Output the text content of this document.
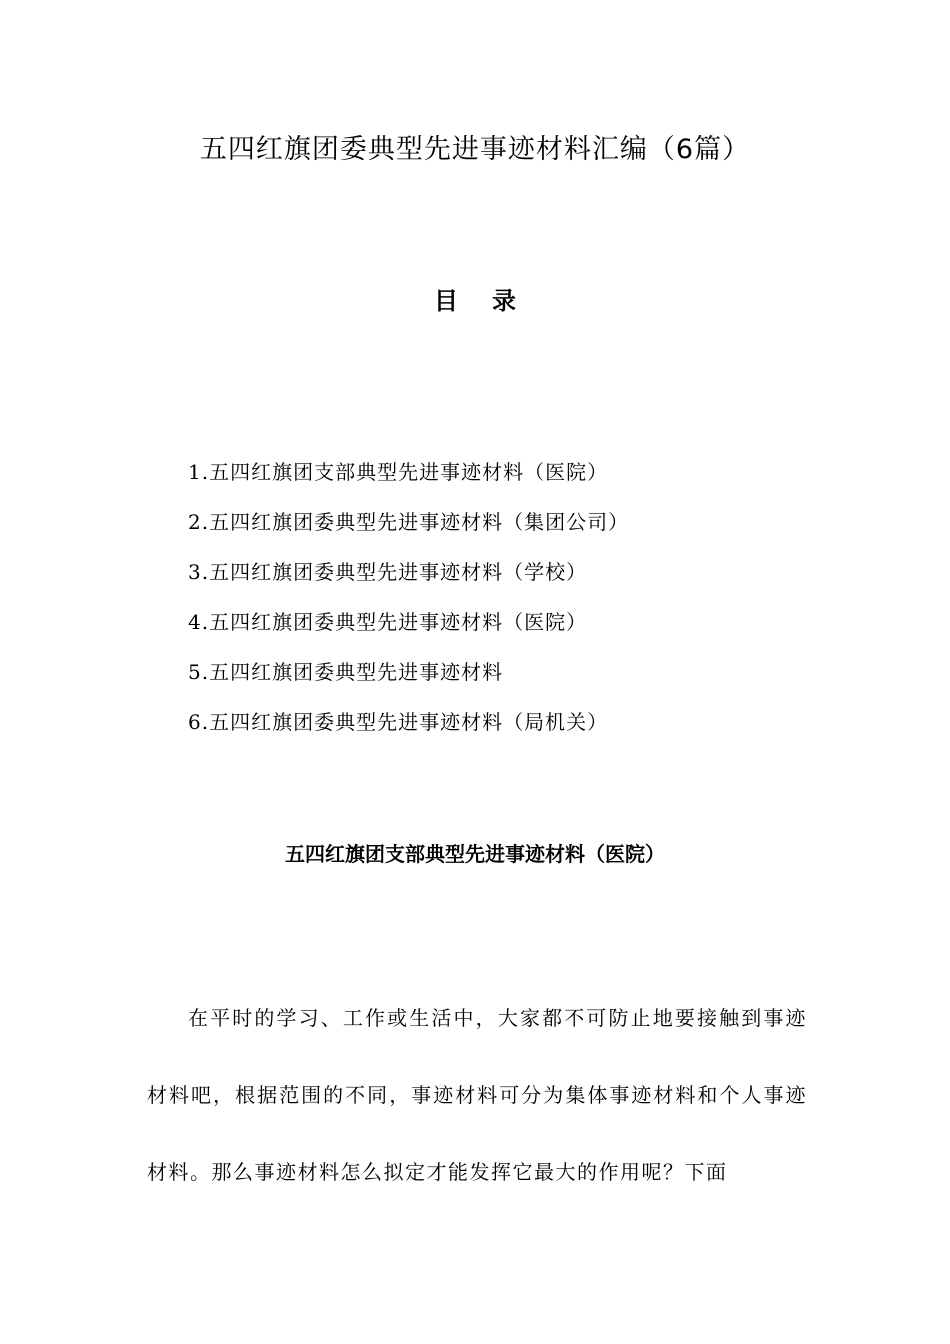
五四红旗团委典型先进事迹材料汇编（6篇）
目 录
1.五四红旗团支部典型先进事迹材料（医院）
2.五四红旗团委典型先进事迹材料（集团公司）
3.五四红旗团委典型先进事迹材料（学校）
4.五四红旗团委典型先进事迹材料（医院）
5.五四红旗团委典型先进事迹材料
6.五四红旗团委典型先进事迹材料（局机关）
五四红旗团支部典型先进事迹材料（医院）

在平时的学习、工作或生活中，大家都不可防止地要接触到事迹材料吧，根据范围的不同，事迹材料可分为集体事迹材料和个人事迹材料。那么事迹材料怎么拟定才能发挥它最大的作用呢？下面
